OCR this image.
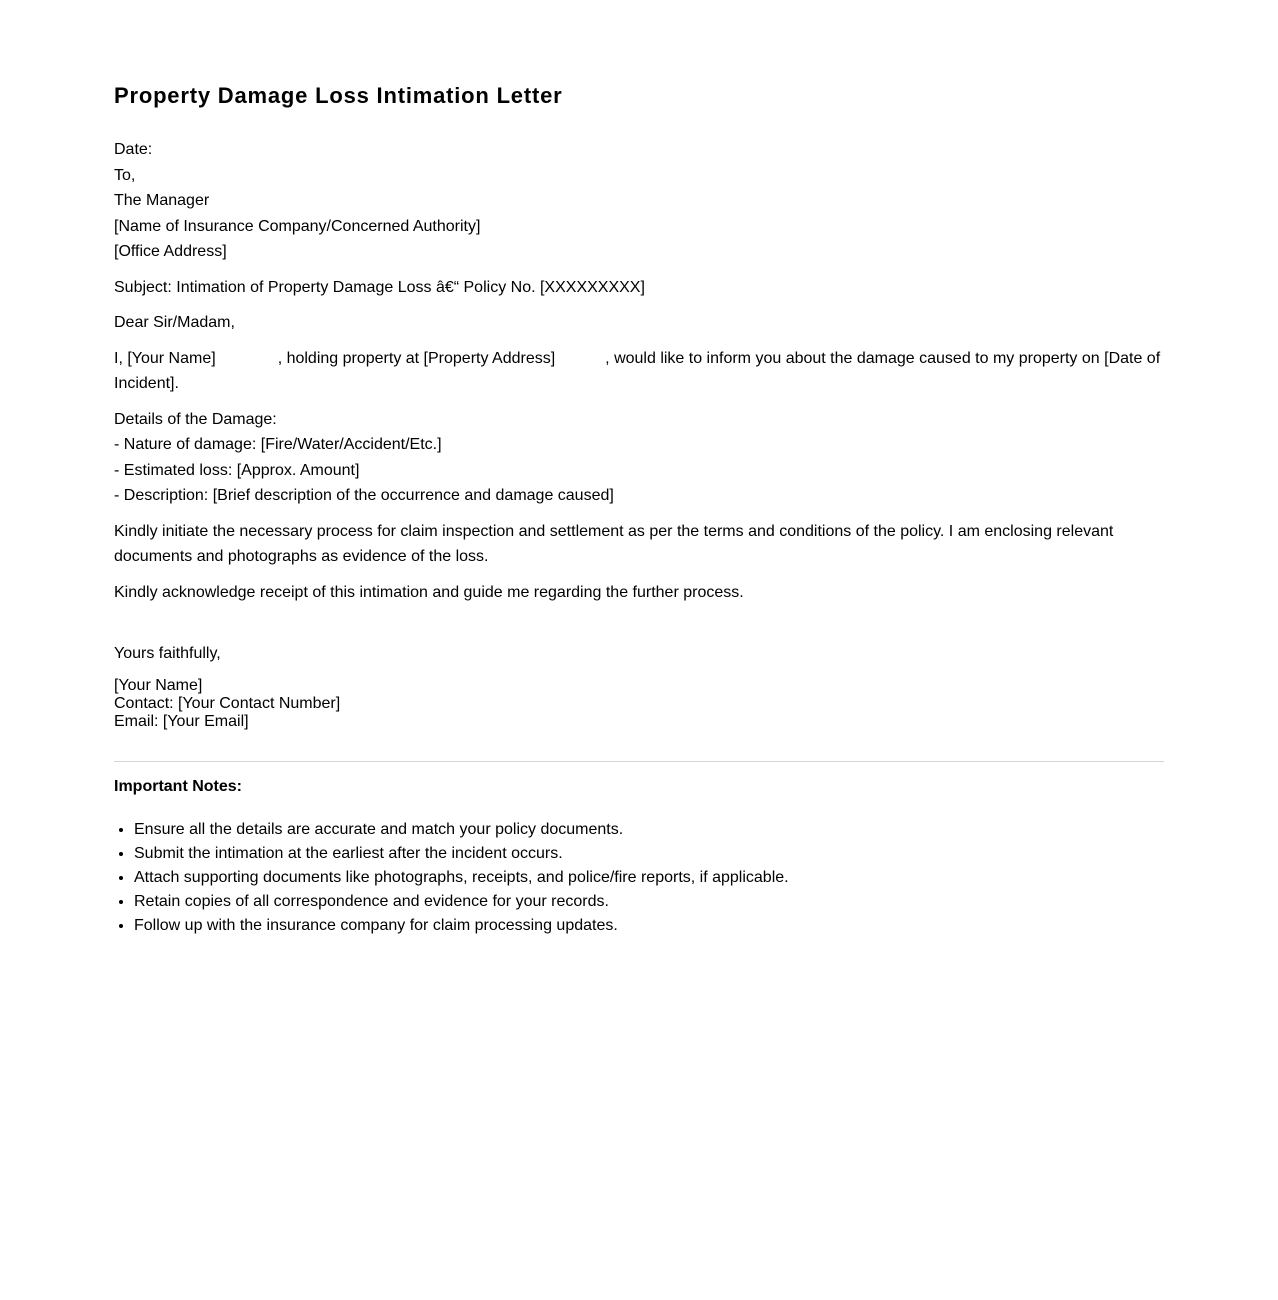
Property Damage Loss Intimation Letter
Date:
To,
The Manager
[Name of Insurance Company/Concerned Authority]
[Office Address]
Subject: Intimation of Property Damage Loss â€“ Policy No. [XXXXXXXXX]
Dear Sir/Madam,
I, [Your Name]	, holding property at [Property Address]	, would like to inform you about the damage caused to my property on [Date of Incident].
Details of the Damage:
- Nature of damage: [Fire/Water/Accident/Etc.]
- Estimated loss: [Approx. Amount]
- Description: [Brief description of the occurrence and damage caused]
Kindly initiate the necessary process for claim inspection and settlement as per the terms and conditions of the policy. I am enclosing relevant documents and photographs as evidence of the loss.
Kindly acknowledge receipt of this intimation and guide me regarding the further process.
Yours faithfully,
[Your Name]
Contact: [Your Contact Number]
Email: [Your Email]
Important Notes:
• Ensure all the details are accurate and match your policy documents.
• Submit the intimation at the earliest after the incident occurs.
• Attach supporting documents like photographs, receipts, and police/fire reports, if applicable.
• Retain copies of all correspondence and evidence for your records.
• Follow up with the insurance company for claim processing updates.
